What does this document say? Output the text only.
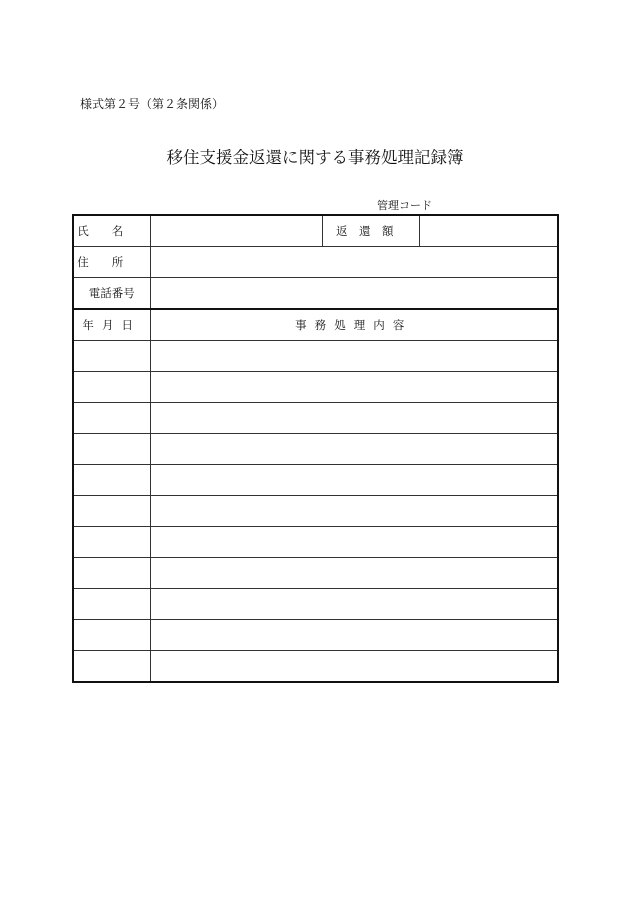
様式第２号（第２条関係）
移住支援金返還に関する事務処理記録簿
管理コード
氏名		返還額	
住所			
電話番号			
年月日	事務処理内容		
